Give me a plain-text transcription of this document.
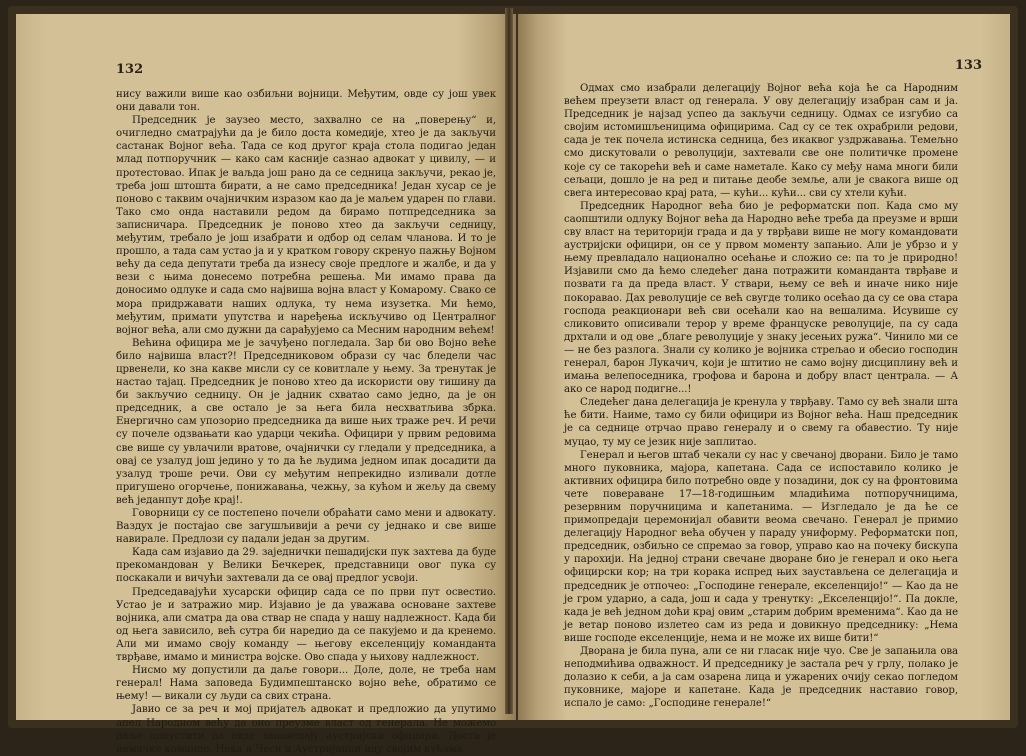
132

нису важили више као озбиљни војници. Међутим, овде су још увек они давали тон.

Председник је заузео место, захвално се на „поверењу“ и, очигледно сматрајући да је било доста комедије, хтео је да закључи састанак Војног већа. Тада се код другог краја стола подигао један млад потпоручник — како сам касније сазнао адвокат у цивилу, — и протестовао. Ипак је ваљда још рано да се седница закључи, рекао је, треба још штошта бирати, а не само председника! Један хусар се је поново с таквим очајничким изразом као да је маљем ударен по глави. Тако смо онда наставили редом да бирамо потпредседника за записничара. Председник је поново хтео да закључи седницу, међутим, требало је још изабрати и одбор од селам чланова. И то је прошло, а тада сам устао ја и у кратком говору скренуо пажњу Војном већу да седа депутати треба да изнесу своје предлоге и жалбе, и да у вези с њима донесемо потребна решења. Ми имамо права да доносимо одлуке и сада смо највиша војна власт у Комарому. Свако се мора придржавати наших одлука, ту нема изузетка. Ми ћемо, међутим, примати упутства и наређења искључиво од Централног војног већа, али смо дужни да сарађујемо са Месним народним већем!

Већина официра ме је зачуђено погледала. Зар би ово Војно веће било највиша власт?! Председниковом образи су час бледели час црвенели, ко зна какве мисли су се ковитлале у њему. За тренутак је настао тајац. Председник је поново хтео да искористи ову тишину да би закључио седницу. Он је јадник схватао само једно, да је он председник, а све остало је за њега била несхватљива збрка. Енергично сам упозорио председника да више њих траже реч. И речи су почеле одзвањати као ударци чекића. Официри у првим редовима све више су увлачили вратове, очајнички су гледали у председника, а овај се узалуд још једино у то да ће људима једном ипак досадити да узалуд троше речи. Ови су међутим непрекидно изливали дотле пригушено огорчење, понижавања, чежњу, за кућом и жељу да свему већ једанпут дође крај!.

Говорници су се постепено почели обраћати само мени и адвокату. Ваздух је постајао све загушљивији а речи су једнако и све више навирале. Предлози су падали један за другим.

Када сам изјавио да 29. заједнички пешадијски пук захтева да буде прекомандован у Велики Бечкерек, представници овог пука су поскакали и вичући захтевали да се овај предлог усвоји.

Председавајући хусарски официр сада се по први пут освестио. Устао је и затражио мир. Изјавио је да уважава основане захтеве војника, али сматра да ова ствар не спада у нашу надлежност. Када би од њега зависило, већ сутра би наредио да се пакујемо и да кренемо. Али ми имамо своју команду — његову екселенцију команданта тврђаве, имамо и министра војске. Ово спада у њихову надлежност.

Нисмо му допустили да даље говори... Доле, доле, не треба нам генерал! Нама заповеда Будимпештанско војно веће, обратимо се њему! — викали су људи са свих страна.

Јавио се за реч и мој пријатељ адвокат и предложио да упутимо апел Народном већу да оно преузме власт од генерала. Не можемо даље допустити да овде заповедају аустријски официри. Доста је немачке команде. Нека и Чеси и Аустријанци иду својим кућама.

133

Одмах смо изабрали делегацију Војног већа која ће са Народним већем преузети власт од генерала. У ову делегацију изабран сам и ја. Председник је најзад успео да закључи седницу. Одмах се изгубио са својим истомишљеницима официрима. Сад су се тек охрабрили редови, сада је тек почела истинска седница, без икаквог уздржавања. Темељно смо дискутовали о револуцији, захтевали све оне политичке промене које су се такорећи већ и саме наметале. Како су међу нама многи били сељаци, дошло је на ред и питање деобе земље, али је свакога више од свега интересовао крај рата, — кући... кући... сви су хтели кући.

Председник Народног већа био је реформатски поп. Када смо му саопштили одлуку Војног већа да Народно веће треба да преузме и врши сву власт на територији града и да у тврђави више не могу командовати аустријски официри, он се у првом моменту запањио. Али је убрзо и у њему превладало национално осећање и сложио се: па то је природно! Изјавили смо да ћемо следећег дана потражити команданта тврђаве и позвати га да преда власт. У ствари, њему се већ и иначе нико није покоравао. Дах револуције се већ свугде толико осећао да су се ова стара господа реакционари већ сви осећали као на вешалима. Исувише су сликовито описивали терор у време француске револуције, па су сада дрхтали и од ове „благе револуције у знаку јесењих ружа“. Чинило ми се — не без разлога. Знали су колико је војника стрељао и обесио господин генерал, барон Лукачич, који је штитио не само војну дисциплину већ и имања велепоседника, грофова и барона и добру власт централа. — А ако се народ подигне...!

Следећег дана делегација је кренула у тврђаву. Тамо су већ знали шта ће бити. Наиме, тамо су били официри из Војног већа. Наш председник је са седнице отрчао право генералу и о свему га обавестио. Ту није муцао, ту му се језик није заплитао.

Генерал и његов штаб чекали су нас у свечаној дворани. Било је тамо много пуковника, мајора, капетана. Сада се испоставило колико је активних официра било потребно овде у позадини, док су на фронтовима чете повераване 17—18-годишњим младићима потпоручницима, резервним поручницима и капетанима. — Изгледало је да ће се примопредаји церемонијал обавити веома свечано. Генерал је примио делегацију Народног већа обучен у параду униформу. Реформатски поп, председник, озбиљно се спремао за говор, управо као на почеку бискупа у парохији. На једној страни свечане дворане био је генерал и око њега официрски кор; на три корака испред њих заустављена се делегација и председник је отпочео: „Господине генерале, екселенцијо!“ — Као да не је гром ударио, а сада, још и сада у тренутку: „Екселенцијо!“. Па докле, када је већ једном доћи крај овим „старим добрим временима“. Као да не је ветар поново излетео сам из реда и довикнуо председнику: „Нема више господе екселенције, нема и не може их више бити!“

Дворана је била пуна, али се ни гласак није чуо. Све је запањила ова неподмићива одважност. И председнику је застала реч у грлу, полако је долазио к себи, а ја сам озарена лица и ужарених очију секао погледом пуковнике, мајоре и капетане. Када је председник наставио говор, испало је само: „Господине генерале!“
